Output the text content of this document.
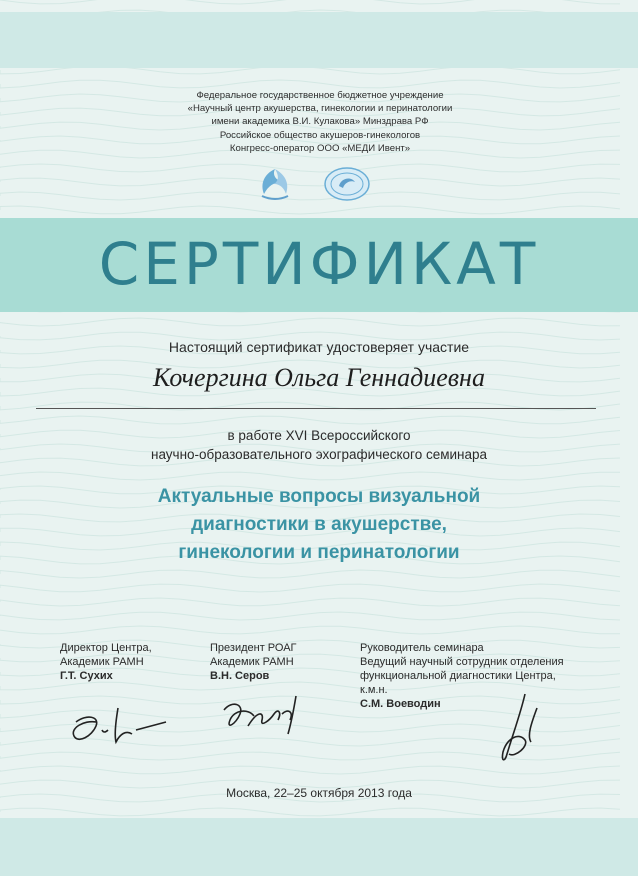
Федеральное государственное бюджетное учреждение
«Научный центр акушерства, гинекологии и перинатологии
имени академика В.И. Кулакова» Минздрава РФ
Российское общество акушеров-гинекологов
Конгресс-оператор ООО «МЕДИ Ивент»
СЕРТИФИКАТ
Настоящий сертификат удостоверяет участие
Кочергина Ольга Геннадиевна
в работе XVI Всероссийского
научно-образовательного эхографического семинара
Актуальные вопросы визуальной
диагностики в акушерстве,
гинекологии и перинатологии
Директор Центра,
Академик РАМН
Г.Т. Сухих
Президент РОАГ
Академик РАМН
В.Н. Серов
Руководитель семинара
Ведущий научный сотрудник отделения
функциональной диагностики Центра,
к.м.н.
С.М. Воеводин
Москва, 22–25 октября 2013 года
